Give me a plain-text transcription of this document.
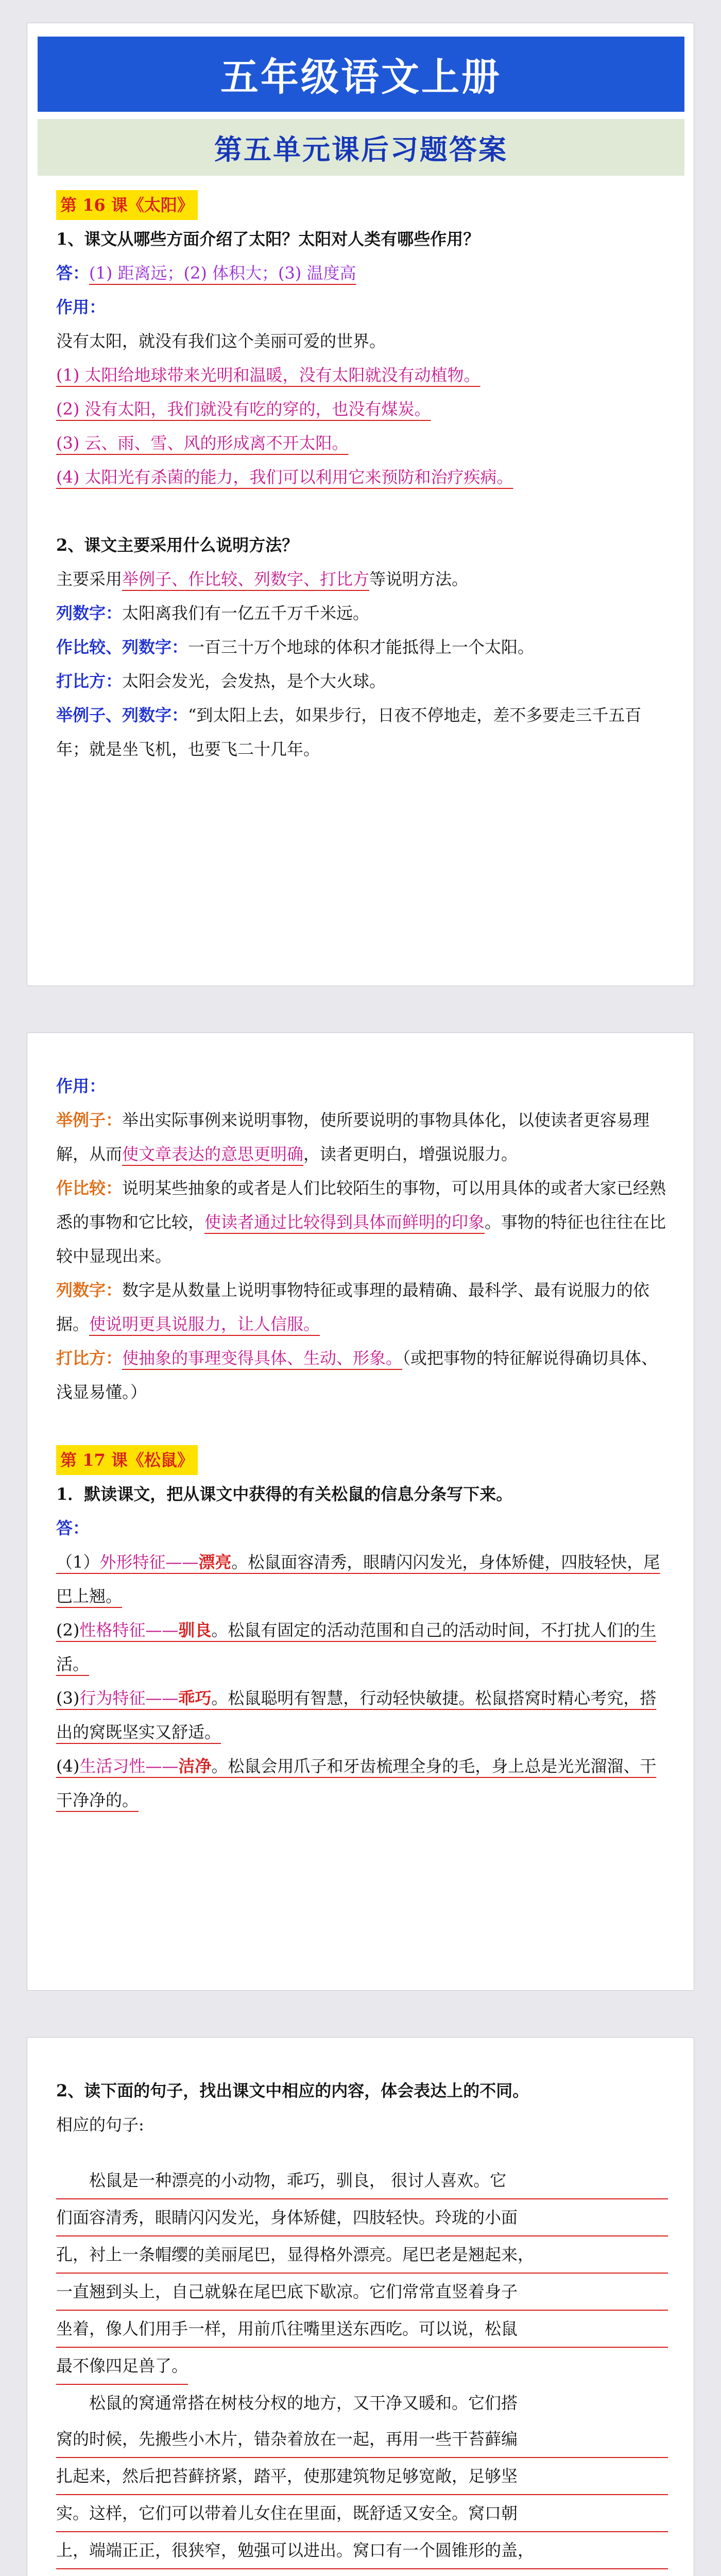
五年级语文上册
第五单元课后习题答案

第 16 课《太阳》

1、课文从哪些方面介绍了太阳？太阳对人类有哪些作用？

答：(1) 距离远；(2) 体积大；(3) 温度高

作用：

没有太阳，就没有我们这个美丽可爱的世界。

(1) 太阳给地球带来光明和温暖，没有太阳就没有动植物。

(2) 没有太阳，我们就没有吃的穿的，也没有煤炭。

(3) 云、雨、雪、风的形成离不开太阳。

(4) 太阳光有杀菌的能力，我们可以利用它来预防和治疗疾病。

2、课文主要采用什么说明方法？

主要采用举例子、作比较、列数字、打比方等说明方法。

列数字：太阳离我们有一亿五千万千米远。

作比较、列数字：一百三十万个地球的体积才能抵得上一个太阳。

打比方：太阳会发光，会发热，是个大火球。

举例子、列数字：“到太阳上去，如果步行，日夜不停地走，差不多要走三千五百年；就是坐飞机，也要飞二十几年。

作用：

举例子：举出实际事例来说明事物，使所要说明的事物具体化，以使读者更容易理解，从而使文章表达的意思更明确，读者更明白，增强说服力。

作比较：说明某些抽象的或者是人们比较陌生的事物，可以用具体的或者大家已经熟悉的事物和它比较，使读者通过比较得到具体而鲜明的印象。事物的特征也往往在比较中显现出来。

列数字：数字是从数量上说明事物特征或事理的最精确、最科学、最有说服力的依据。使说明更具说服力，让人信服。

打比方：使抽象的事理变得具体、生动、形象。（或把事物的特征解说得确切具体、浅显易懂。）

第 17 课《松鼠》

1．默读课文，把从课文中获得的有关松鼠的信息分条写下来。

答：

（1）外形特征——漂亮。松鼠面容清秀，眼睛闪闪发光，身体矫健，四肢轻快，尾巴上翘。

(2)性格特征——驯良。松鼠有固定的活动范围和自己的活动时间，不打扰人们的生活。

(3)行为特征——乖巧。松鼠聪明有智慧，行动轻快敏捷。松鼠搭窝时精心考究，搭出的窝既坚实又舒适。

(4)生活习性——洁净。松鼠会用爪子和牙齿梳理全身的毛，身上总是光光溜溜、干干净净的。

2、读下面的句子，找出课文中相应的内容，体会表达上的不同。

相应的句子:

松鼠是一种漂亮的小动物，乖巧，驯良， 很讨人喜欢。它

们面容清秀，眼睛闪闪发光，身体矫健，四肢轻快。玲珑的小面

孔，衬上一条帽缨的美丽尾巴，显得格外漂亮。尾巴老是翘起来，

一直翘到头上，自己就躲在尾巴底下歇凉。它们常常直竖着身子

坐着，像人们用手一样，用前爪往嘴里送东西吃。可以说，松鼠

最不像四足兽了。

松鼠的窝通常搭在树枝分杈的地方，又干净又暖和。它们搭

窝的时候，先搬些小木片，错杂着放在一起，再用一些干苔藓编

扎起来，然后把苔藓挤紧，踏平，使那建筑物足够宽敞，足够坚

实。这样，它们可以带着儿女住在里面，既舒适又安全。窝口朝

上，端端正正，很狭窄，勉强可以进出。窝口有一个圆锥形的盖，
